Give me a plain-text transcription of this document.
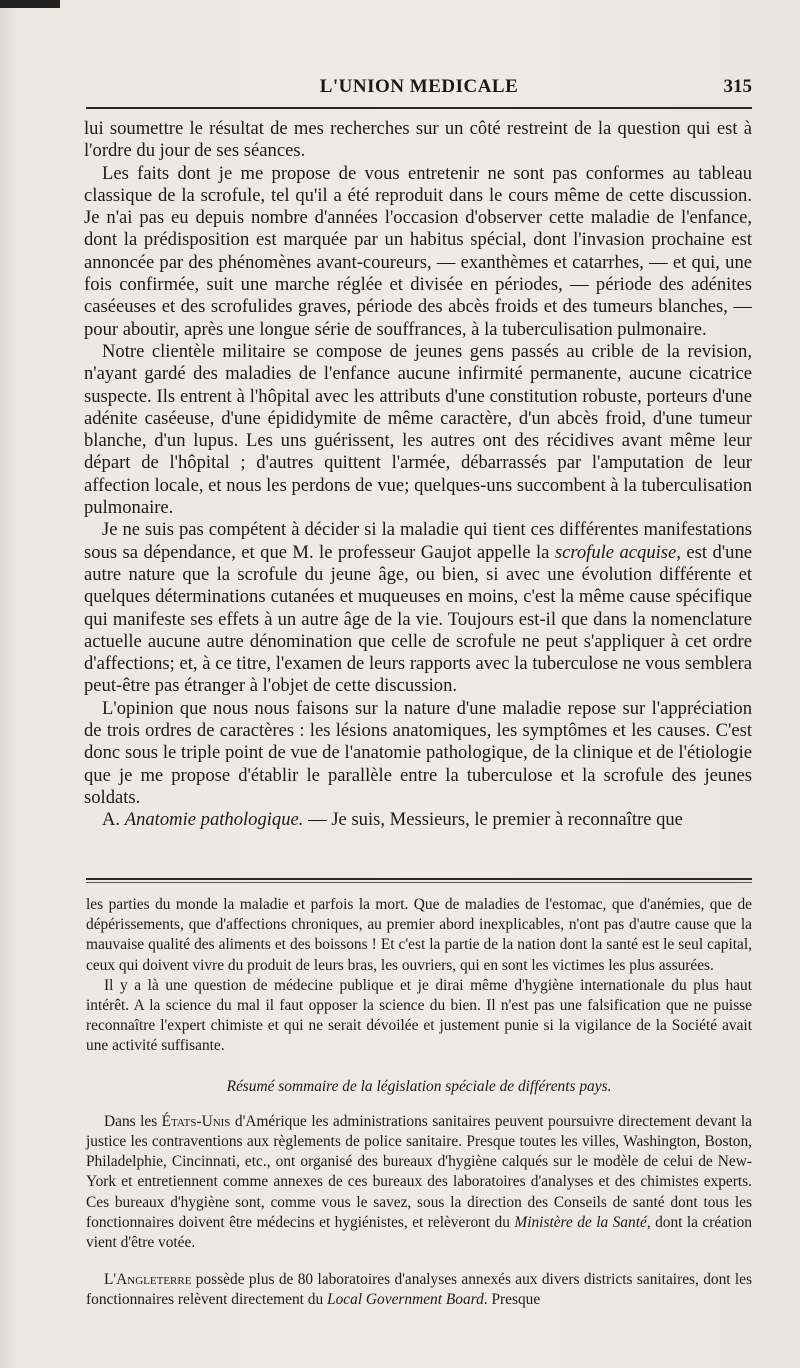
L'UNION MEDICALE	315

lui soumettre le résultat de mes recherches sur un côté restreint de la question qui est à l'ordre du jour de ses séances.

Les faits dont je me propose de vous entretenir ne sont pas conformes au tableau classique de la scrofule, tel qu'il a été reproduit dans le cours même de cette discussion. Je n'ai pas eu depuis nombre d'années l'occasion d'observer cette maladie de l'enfance, dont la prédisposition est marquée par un habitus spécial, dont l'invasion prochaine est annoncée par des phénomènes avant-coureurs, — exanthèmes et catarrhes, — et qui, une fois confirmée, suit une marche réglée et divisée en périodes, — période des adénites caséeuses et des scrofulides graves, période des abcès froids et des tumeurs blanches, — pour aboutir, après une longue série de souffrances, à la tuberculisation pulmonaire.

Notre clientèle militaire se compose de jeunes gens passés au crible de la revision, n'ayant gardé des maladies de l'enfance aucune infirmité permanente, aucune cicatrice suspecte. Ils entrent à l'hôpital avec les attributs d'une constitution robuste, porteurs d'une adénite caséeuse, d'une épididymite de même caractère, d'un abcès froid, d'une tumeur blanche, d'un lupus. Les uns guérissent, les autres ont des récidives avant même leur départ de l'hôpital ; d'autres quittent l'armée, débarrassés par l'amputation de leur affection locale, et nous les perdons de vue; quelques-uns succombent à la tuberculisation pulmonaire.

Je ne suis pas compétent à décider si la maladie qui tient ces différentes manifestations sous sa dépendance, et que M. le professeur Gaujot appelle la scrofule acquise, est d'une autre nature que la scrofule du jeune âge, ou bien, si avec une évolution différente et quelques déterminations cutanées et muqueuses en moins, c'est la même cause spécifique qui manifeste ses effets à un autre âge de la vie. Toujours est-il que dans la nomenclature actuelle aucune autre dénomination que celle de scrofule ne peut s'appliquer à cet ordre d'affections; et, à ce titre, l'examen de leurs rapports avec la tuberculose ne vous semblera peut-être pas étranger à l'objet de cette discussion.

L'opinion que nous nous faisons sur la nature d'une maladie repose sur l'appréciation de trois ordres de caractères : les lésions anatomiques, les symptômes et les causes. C'est donc sous le triple point de vue de l'anatomie pathologique, de la clinique et de l'étiologie que je me propose d'établir le parallèle entre la tuberculose et la scrofule des jeunes soldats.

A. Anatomie pathologique. — Je suis, Messieurs, le premier à reconnaître que

les parties du monde la maladie et parfois la mort. Que de maladies de l'estomac, que d'anémies, que de dépérissements, que d'affections chroniques, au premier abord inexplicables, n'ont pas d'autre cause que la mauvaise qualité des aliments et des boissons ! Et c'est la partie de la nation dont la santé est le seul capital, ceux qui doivent vivre du produit de leurs bras, les ouvriers, qui en sont les victimes les plus assurées.

Il y a là une question de médecine publique et je dirai même d'hygiène internationale du plus haut intérêt. A la science du mal il faut opposer la science du bien. Il n'est pas une falsification que ne puisse reconnaître l'expert chimiste et qui ne serait dévoilée et justement punie si la vigilance de la Société avait une activité suffisante.

Résumé sommaire de la législation spéciale de différents pays.

Dans les États-Unis d'Amérique les administrations sanitaires peuvent poursuivre directement devant la justice les contraventions aux règlements de police sanitaire. Presque toutes les villes, Washington, Boston, Philadelphie, Cincinnati, etc., ont organisé des bureaux d'hygiène calqués sur le modèle de celui de New-York et entretiennent comme annexes de ces bureaux des laboratoires d'analyses et des chimistes experts. Ces bureaux d'hygiène sont, comme vous le savez, sous la direction des Conseils de santé dont tous les fonctionnaires doivent être médecins et hygiénistes, et relèveront du Ministère de la Santé, dont la création vient d'être votée.

L'Angleterre possède plus de 80 laboratoires d'analyses annexés aux divers districts sanitaires, dont les fonctionnaires relèvent directement du Local Government Board. Presque
